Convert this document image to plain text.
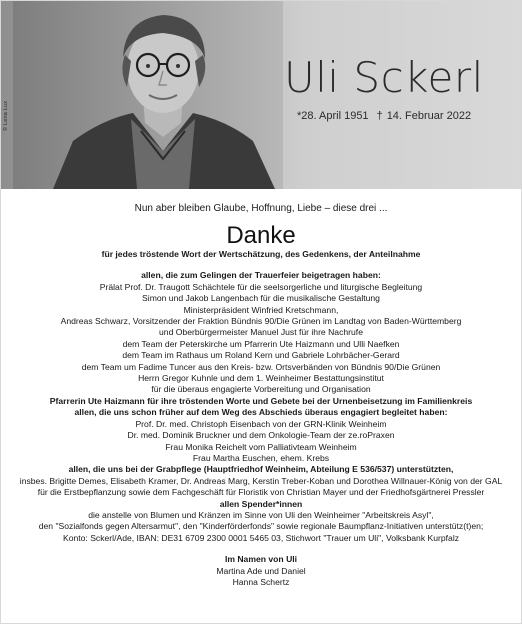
© Lena Lux
Uli Sckerl
*28. April 1951 † 14. Februar 2022
Nun aber bleiben Glaube, Hoffnung, Liebe – diese drei ...
Danke
für jedes tröstende Wort der Wertschätzung, des Gedenkens, der Anteilnahme
allen, die zum Gelingen der Trauerfeier beigetragen haben:
Prälat Prof. Dr. Traugott Schächtele für die seelsorgerliche und liturgische Begleitung
Simon und Jakob Langenbach für die musikalische Gestaltung
Ministerpräsident Winfried Kretschmann,
Andreas Schwarz, Vorsitzender der Fraktion Bündnis 90/Die Grünen im Landtag von Baden-Württemberg
und Oberbürgermeister Manuel Just für ihre Nachrufe
dem Team der Peterskirche um Pfarrerin Ute Haizmann und Ulli Naefken
dem Team im Rathaus um Roland Kern und Gabriele Lohrbächer-Gerard
dem Team um Fadime Tuncer aus den Kreis- bzw. Ortsverbänden von Bündnis 90/Die Grünen
Herrn Gregor Kuhnle und dem 1. Weinheimer Bestattungsinstitut
für die überaus engagierte Vorbereitung und Organisation
Pfarrerin Ute Haizmann für ihre tröstenden Worte und Gebete bei der Urnenbeisetzung im Familienkreis
allen, die uns schon früher auf dem Weg des Abschieds überaus engagiert begleitet haben:
Prof. Dr. med. Christoph Eisenbach von der GRN-Klinik Weinheim
Dr. med. Dominik Bruckner und dem Onkologie-Team der ze.roPraxen
Frau Monika Reichelt vom Palliativteam Weinheim
Frau Martha Euschen, ehem. Krebs
allen, die uns bei der Grabpflege (Hauptfriedhof Weinheim, Abteilung E 536/537) unterstützten,
insbes. Brigitte Demes, Elisabeth Kramer, Dr. Andreas Marg, Kerstin Treber-Koban und Dorothea Willnauer-König von der GAL
für die Erstbepflanzung sowie dem Fachgeschäft für Floristik von Christian Mayer und der Friedhofsgärtnerei Pressler
allen Spender*innen
die anstelle von Blumen und Kränzen im Sinne von Uli den Weinheimer "Arbeitskreis Asyl",
den "Sozialfonds gegen Altersarmut", den "Kinderförderfonds" sowie regionale Baumpflanz-Initiativen unterstütz(t)en;
Konto: Sckerl/Ade, IBAN: DE31 6709 2300 0001 5465 03, Stichwort "Trauer um Uli", Volksbank Kurpfalz
Im Namen von Uli
Martina Ade und Daniel
Hanna Schertz
